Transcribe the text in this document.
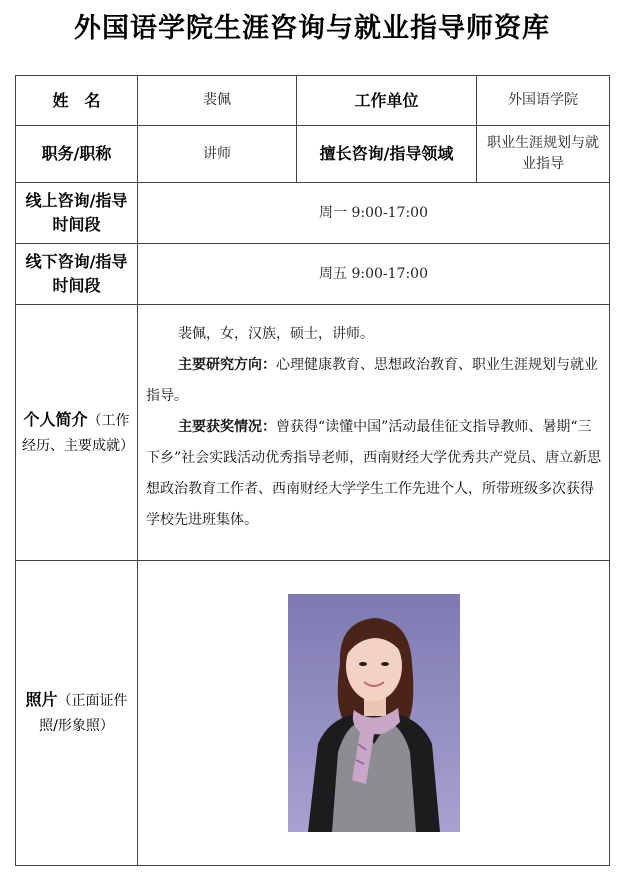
外国语学院生涯咨询与就业指导师资库
姓　名	裴佩	工作单位	外国语学院
职务/职称	讲师	擅长咨询/指导领域	职业生涯规划与就业指导
线上咨询/指导时间段	周一 9:00-17:00		
线下咨询/指导时间段	周五 9:00-17:00		
个人简介（工作经历、主要成就）	裴佩，女，汉族，硕士，讲师。

主要研究方向：心理健康教育、思想政治教育、职业生涯规划与就业指导。

主要获奖情况：曾获得“读懂中国”活动最佳征文指导教师、暑期“三下乡”社会实践活动优秀指导老师，西南财经大学优秀共产党员、唐立新思想政治教育工作者、西南财经大学学生工作先进个人，所带班级多次获得学校先进班集体。		

照片（正面证件照/形象照）	
